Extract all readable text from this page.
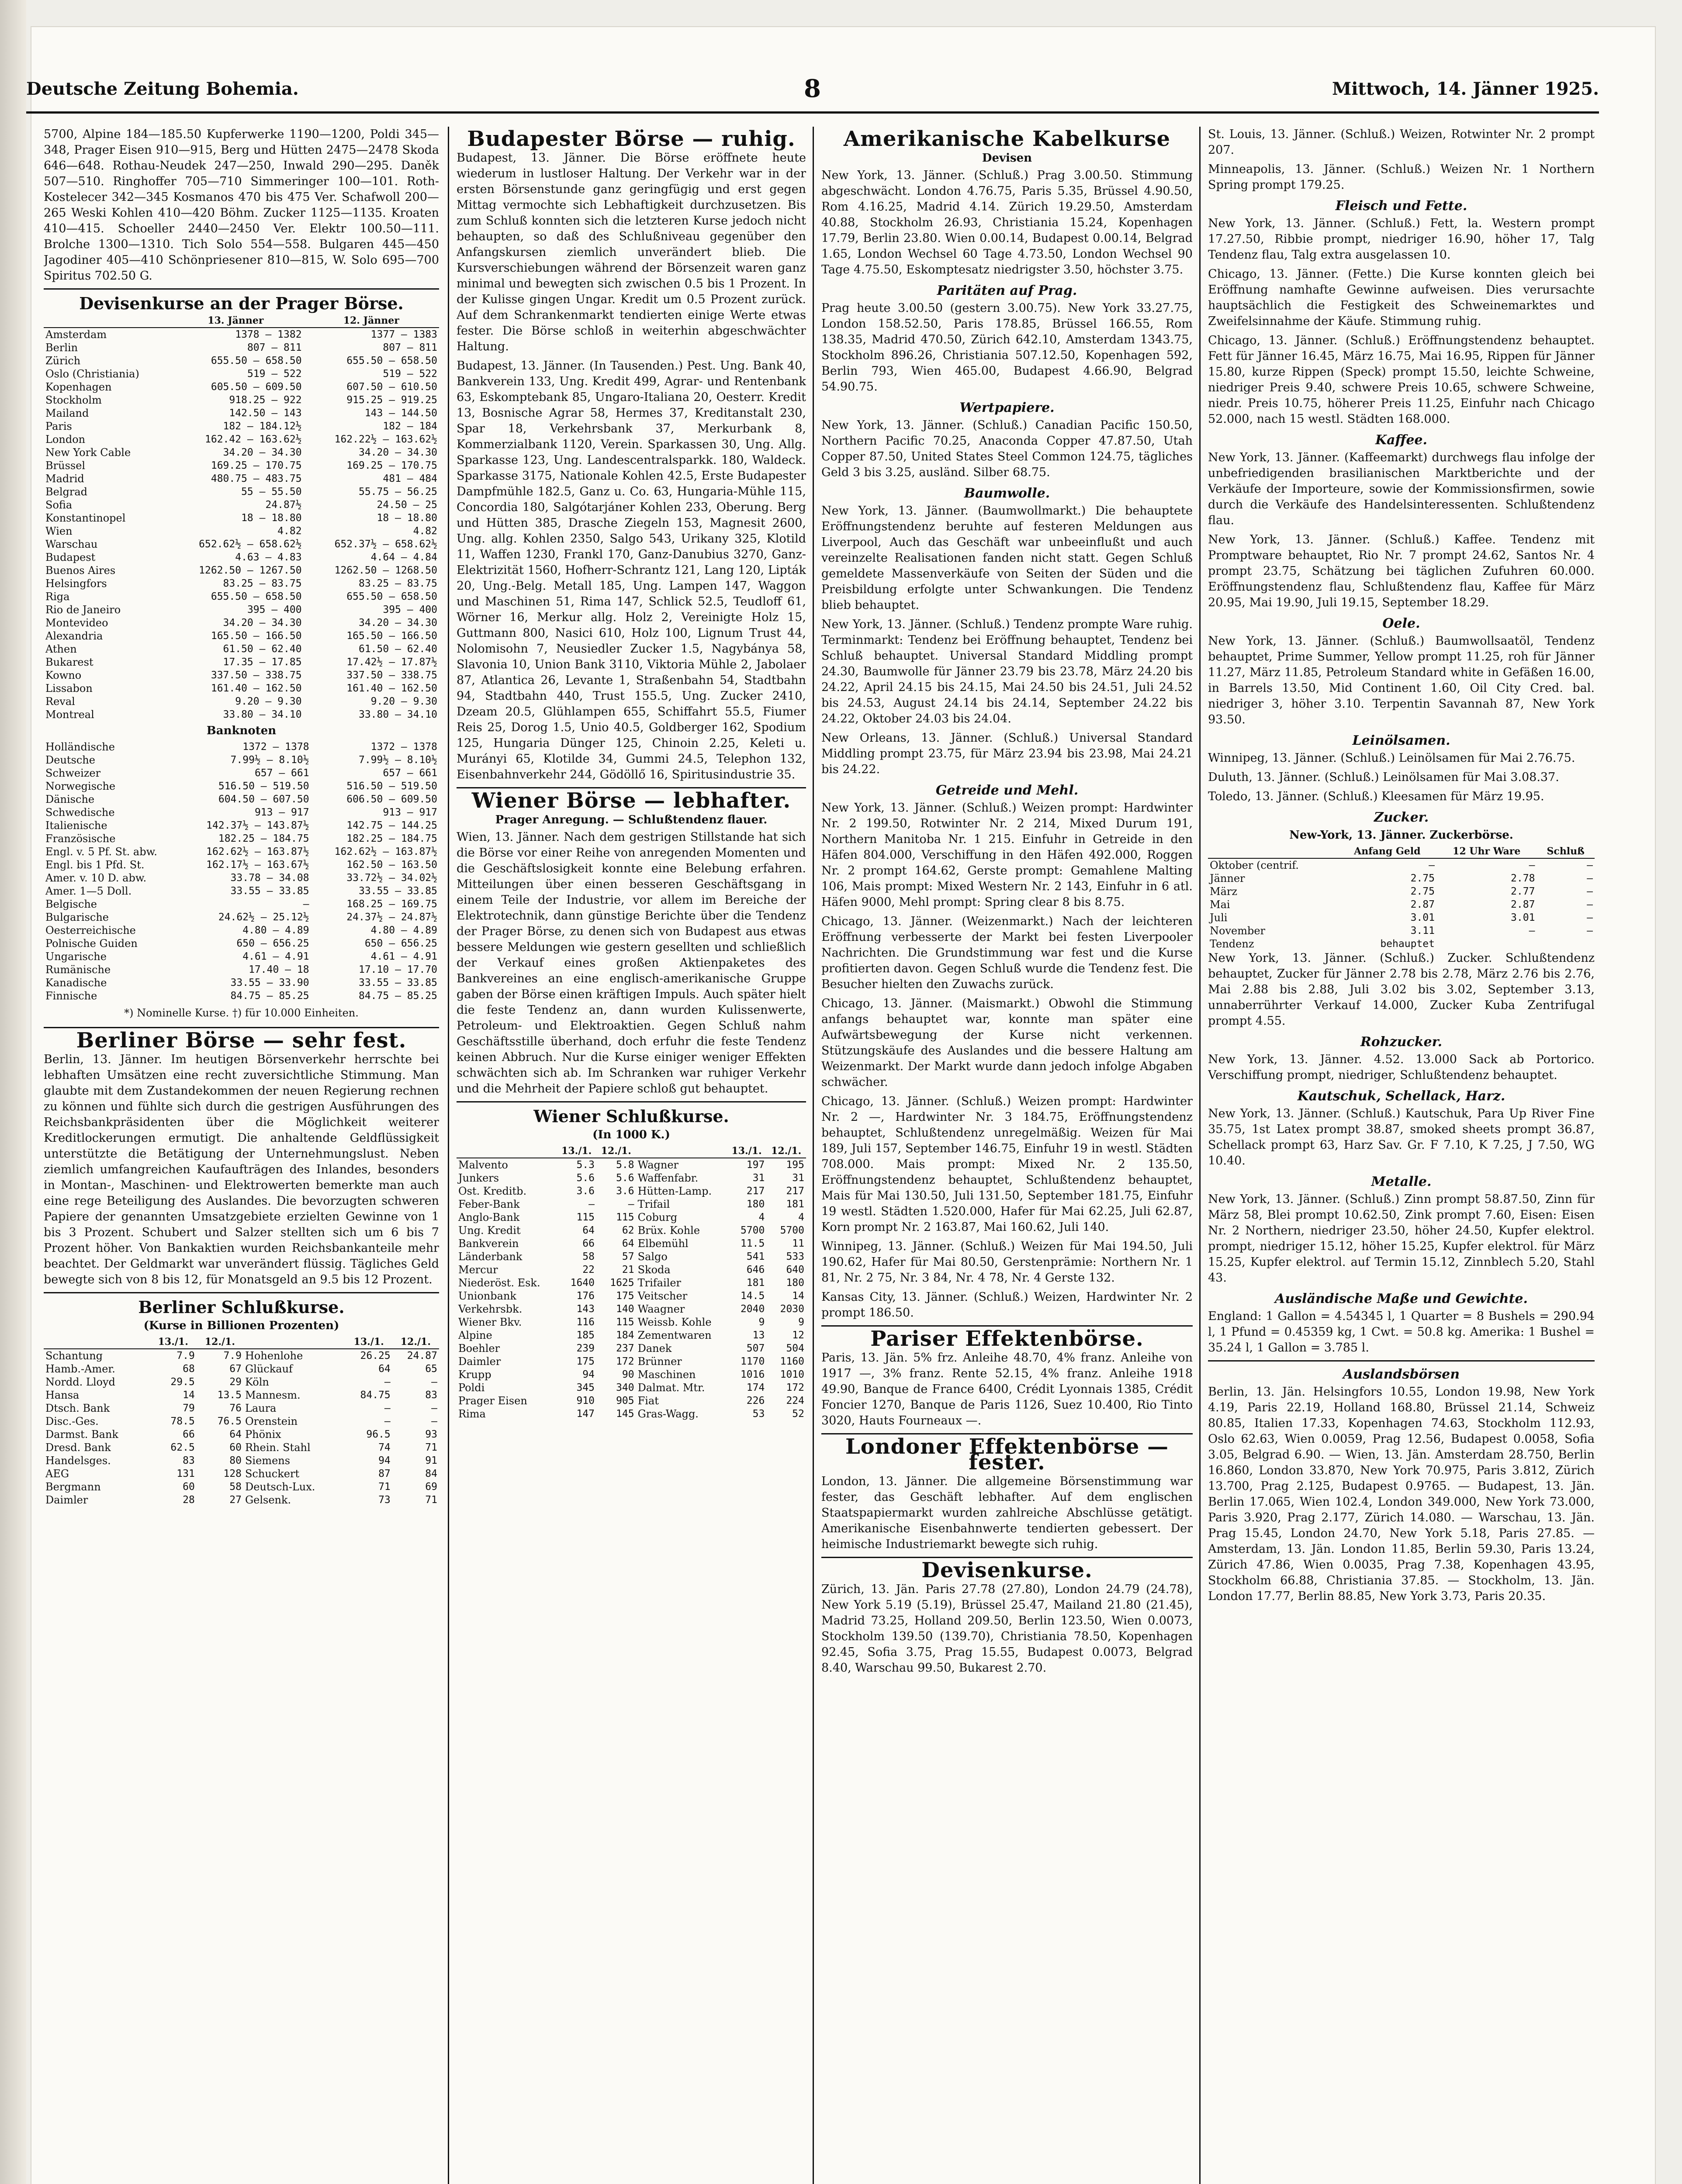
Deutsche Zeitung Bohemia.	8	Mittwoch, 14. Jänner 1925.

5700, Alpine 184—185.50 Kupferwerke 1190—1200, Poldi 345—348, Prager Eisen 910—915, Berg und Hütten 2475—2478 Skoda 646—648. Rothau-Neudek 247—250, Inwald 290—295. Daněk 507—510. Ringhoffer 705—710 Simmeringer 100—101. Roth-Kostelecer 342—345 Kosmanos 470 bis 475 Ver. Schafwoll 200—265 Weski Kohlen 410—420 Böhm. Zucker 1125—1135. Kroaten 410—415. Schoeller 2440—2450 Ver. Elektr 100.50—111. Brolche 1300—1310. Tich Solo 554—558. Bulgaren 445—450 Jagodiner 405—410 Schönpriesener 810—815, W. Solo 695—700 Spiritus 702.50 G.

Devisenkurse an der Prager Börse.
	13. Jänner	12. Jänner
Amsterdam	1378 — 1382	1377 — 1383
Berlin	807 — 811	807 — 811
Zürich	655.50 — 658.50	655.50 — 658.50
Oslo (Christiania)	519 — 522	519 — 522
Kopenhagen	605.50 — 609.50	607.50 — 610.50
Stockholm	918.25 — 922	915.25 — 919.25
Mailand	142.50 — 143	143 — 144.50
Paris	182 — 184.12½	182 — 184
London	162.42 — 163.62½	162.22½ — 163.62½
New York Cable	34.20 — 34.30	34.20 — 34.30
Brüssel	169.25 — 170.75	169.25 — 170.75
Madrid	480.75 — 483.75	481 — 484
Belgrad	55 — 55.50	55.75 — 56.25
Sofia	24.87½	24.50 — 25
Konstantinopel	18 — 18.80	18 — 18.80
Wien	4.82	4.82
Warschau	652.62½ — 658.62½	652.37½ — 658.62½
Budapest	4.63 — 4.83	4.64 — 4.84
Buenos Aires	1262.50 — 1267.50	1262.50 — 1268.50
Helsingfors	83.25 — 83.75	83.25 — 83.75
Riga	655.50 — 658.50	655.50 — 658.50
Rio de Janeiro	395 — 400	395 — 400
Montevideo	34.20 — 34.30	34.20 — 34.30
Alexandria	165.50 — 166.50	165.50 — 166.50
Athen	61.50 — 62.40	61.50 — 62.40
Bukarest	17.35 — 17.85	17.42½ — 17.87½
Kowno	337.50 — 338.75	337.50 — 338.75
Lissabon	161.40 — 162.50	161.40 — 162.50
Reval	9.20 — 9.30	9.20 — 9.30
Montreal	33.80 — 34.10	33.80 — 34.10
Banknoten
Holländische	1372 — 1378	1372 — 1378
Deutsche	7.99½ — 8.10½	7.99½ — 8.10½
Schweizer	657 — 661	657 — 661
Norwegische	516.50 — 519.50	516.50 — 519.50
Dänische	604.50 — 607.50	606.50 — 609.50
Schwedische	913 — 917	913 — 917
Italienische	142.37½ — 143.87½	142.75 — 144.25
Französische	182.25 — 184.75	182.25 — 184.75
Engl. v. 5 Pf. St. abw.	162.62½ — 163.87½	162.62½ — 163.87½
Engl. bis 1 Pfd. St.	162.17½ — 163.67½	162.50 — 163.50
Amer. v. 10 D. abw.	33.78 — 34.08	33.72½ — 34.02½
Amer. 1—5 Doll.	33.55 — 33.85	33.55 — 33.85
Belgische	—	168.25 — 169.75
Bulgarische	24.62½ — 25.12½	24.37½ — 24.87½
Oesterreichische	4.80 — 4.89	4.80 — 4.89
Polnische Guiden	650 — 656.25	650 — 656.25
Ungarische	4.61 — 4.91	4.61 — 4.91
Rumänische	17.40 — 18	17.10 — 17.70
Kanadische	33.55 — 33.90	33.55 — 33.85
Finnische	84.75 — 85.25	84.75 — 85.25
*) Nominelle Kurse. †) für 10.000 Einheiten.
Berliner Börse — sehr fest.

Berlin, 13. Jänner. Im heutigen Börsenverkehr herrschte bei lebhaften Umsätzen eine recht zuversichtliche Stimmung. Man glaubte mit dem Zustandekommen der neuen Regierung rechnen zu können und fühlte sich durch die gestrigen Ausführungen des Reichsbankpräsidenten über die Möglichkeit weiterer Kreditlockerungen ermutigt. Die anhaltende Geldflüssigkeit unterstützte die Betätigung der Unternehmungslust. Neben ziemlich umfangreichen Kaufaufträgen des Inlandes, besonders in Montan-, Maschinen- und Elektrowerten bemerkte man auch eine rege Beteiligung des Auslandes. Die bevorzugten schweren Papiere der genannten Umsatzgebiete erzielten Gewinne von 1 bis 3 Prozent. Schubert und Salzer stellten sich um 6 bis 7 Prozent höher. Von Bankaktien wurden Reichsbankanteile mehr beachtet. Der Geldmarkt war unverändert flüssig. Tägliches Geld bewegte sich von 8 bis 12, für Monatsgeld an 9.5 bis 12 Prozent.

Berliner Schlußkurse.
(Kurse in Billionen Prozenten)
	13./1.	12./1.		13./1.	12./1.
Schantung	7.9	7.9	Hohenlohe	26.25	24.87
Hamb.-Amer.	68	67	Glückauf	64	65
Nordd. Lloyd	29.5	29	Köln	—	—
Hansa	14	13.5	Mannesm.	84.75	83
Dtsch. Bank	79	76	Laura	—	—
Disc.-Ges.	78.5	76.5	Orenstein	—	—
Darmst. Bank	66	64	Phönix	96.5	93
Dresd. Bank	62.5	60	Rhein. Stahl	74	71
Handelsges.	83	80	Siemens	94	91
AEG	131	128	Schuckert	87	84
Bergmann	60	58	Deutsch-Lux.	71	69
Daimler	28	27	Gelsenk.	73	71
Budapester Börse — ruhig.

Budapest, 13. Jänner. Die Börse eröffnete heute wiederum in lustloser Haltung. Der Verkehr war in der ersten Börsenstunde ganz geringfügig und erst gegen Mittag vermochte sich Lebhaftigkeit durchzusetzen. Bis zum Schluß konnten sich die letzteren Kurse jedoch nicht behaupten, so daß des Schlußniveau gegenüber den Anfangskursen ziemlich unverändert blieb. Die Kursverschiebungen während der Börsenzeit waren ganz minimal und bewegten sich zwischen 0.5 bis 1 Prozent. In der Kulisse gingen Ungar. Kredit um 0.5 Prozent zurück. Auf dem Schrankenmarkt tendierten einige Werte etwas fester. Die Börse schloß in weiterhin abgeschwächter Haltung.

Budapest, 13. Jänner. (In Tausenden.) Pest. Ung. Bank 40, Bankverein 133, Ung. Kredit 499, Agrar- und Rentenbank 63, Eskomptebank 85, Ungaro-Italiana 20, Oesterr. Kredit 13, Bosnische Agrar 58, Hermes 37, Kreditanstalt 230, Spar 18, Verkehrsbank 37, Merkurbank 8, Kommerzialbank 1120, Verein. Sparkassen 30, Ung. Allg. Sparkasse 123, Ung. Landescentralsparkk. 180, Waldeck. Sparkasse 3175, Nationale Kohlen 42.5, Erste Budapester Dampfmühle 182.5, Ganz u. Co. 63, Hungaria-Mühle 115, Concordia 180, Salgótarjáner Kohlen 233, Oberung. Berg und Hütten 385, Drasche Ziegeln 153, Magnesit 2600, Ung. allg. Kohlen 2350, Salgo 543, Urikany 325, Klotild 11, Waffen 1230, Frankl 170, Ganz-Danubius 3270, Ganz-Elektrizität 1560, Hofherr-Schrantz 121, Lang 120, Lipták 20, Ung.-Belg. Metall 185, Ung. Lampen 147, Waggon und Maschinen 51, Rima 147, Schlick 52.5, Teudloff 61, Wörner 16, Merkur allg. Holz 2, Vereinigte Holz 15, Guttmann 800, Nasici 610, Holz 100, Lignum Trust 44, Nolomisohn 7, Neusiedler Zucker 1.5, Nagybánya 58, Slavonia 10, Union Bank 3110, Viktoria Mühle 2, Jabolaer 87, Atlantica 26, Levante 1, Straßenbahn 54, Stadtbahn 94, Stadtbahn 440, Trust 155.5, Ung. Zucker 2410, Dzeam 20.5, Glühlampen 655, Schiffahrt 55.5, Fiumer Reis 25, Dorog 1.5, Unio 40.5, Goldberger 162, Spodium 125, Hungaria Dünger 125, Chinoin 2.25, Keleti u. Murányi 65, Klotilde 34, Gummi 24.5, Telephon 132, Eisenbahnverkehr 244, Gödöllő 16, Spiritusindustrie 35.

Wiener Börse — lebhafter.
Prager Anregung. — Schlußtendenz flauer.

Wien, 13. Jänner. Nach dem gestrigen Stillstande hat sich die Börse vor einer Reihe von anregenden Momenten und die Geschäftslosigkeit konnte eine Belebung erfahren. Mitteilungen über einen besseren Geschäftsgang in einem Teile der Industrie, vor allem im Bereiche der Elektrotechnik, dann günstige Berichte über die Tendenz der Prager Börse, zu denen sich von Budapest aus etwas bessere Meldungen wie gestern gesellten und schließlich der Verkauf eines großen Aktienpaketes des Bankvereines an eine englisch-amerikanische Gruppe gaben der Börse einen kräftigen Impuls. Auch später hielt die feste Tendenz an, dann wurden Kulissenwerte, Petroleum- und Elektroaktien. Gegen Schluß nahm Geschäftsstille überhand, doch erfuhr die feste Tendenz keinen Abbruch. Nur die Kurse einiger weniger Effekten schwächten sich ab. Im Schranken war ruhiger Verkehr und die Mehrheit der Papiere schloß gut behauptet.

Wiener Schlußkurse.
(In 1000 K.)
	13./1.	12./1.		13./1.	12./1.
Malvento	5.3	5.8	Wagner	197	195
Junkers	5.6	5.6	Waffenfabr.	31	31
Ost. Kreditb.	3.6	3.6	Hütten-Lamp.	217	217
Feber-Bank	—	—	Trifail	180	181
Anglo-Bank	115	115	Coburg	4	4
Ung. Kredit	64	62	Brüx. Kohle	5700	5700
Bankverein	66	64	Elbemühl	11.5	11
Länderbank	58	57	Salgo	541	533
Mercur	22	21	Skoda	646	640
Niederöst. Esk.	1640	1625	Trifailer	181	180
Unionbank	176	175	Veitscher	14.5	14
Verkehrsbk.	143	140	Waagner	2040	2030
Wiener Bkv.	116	115	Weissb. Kohle	9	9
Alpine	185	184	Zementwaren	13	12
Boehler	239	237	Danek	507	504
Daimler	175	172	Brünner	1170	1160
Krupp	94	90	Maschinen	1016	1010
Poldi	345	340	Dalmat. Mtr.	174	172
Prager Eisen	910	905	Fiat	226	224
Rima	147	145	Gras-Wagg.	53	52
Amerikanische Kabelkurse
Devisen

New York, 13. Jänner. (Schluß.) Prag 3.00.50. Stimmung abgeschwächt. London 4.76.75, Paris 5.35, Brüssel 4.90.50, Rom 4.16.25, Madrid 4.14. Zürich 19.29.50, Amsterdam 40.88, Stockholm 26.93, Christiania 15.24, Kopenhagen 17.79, Berlin 23.80. Wien 0.00.14, Budapest 0.00.14, Belgrad 1.65, London Wechsel 60 Tage 4.73.50, London Wechsel 90 Tage 4.75.50, Eskomptesatz niedrigster 3.50, höchster 3.75.

Paritäten auf Prag.

Prag heute 3.00.50 (gestern 3.00.75). New York 33.27.75, London 158.52.50, Paris 178.85, Brüssel 166.55, Rom 138.35, Madrid 470.50, Zürich 642.10, Amsterdam 1343.75, Stockholm 896.26, Christiania 507.12.50, Kopenhagen 592, Berlin 793, Wien 465.00, Budapest 4.66.90, Belgrad 54.90.75.

Wertpapiere.

New York, 13. Jänner. (Schluß.) Canadian Pacific 150.50, Northern Pacific 70.25, Anaconda Copper 47.87.50, Utah Copper 87.50, United States Steel Common 124.75, tägliches Geld 3 bis 3.25, ausländ. Silber 68.75.

Baumwolle.

New York, 13. Jänner. (Baumwollmarkt.) Die behauptete Eröffnungstendenz beruhte auf festeren Meldungen aus Liverpool, Auch das Geschäft war unbeeinflußt und auch vereinzelte Realisationen fanden nicht statt. Gegen Schluß gemeldete Massenverkäufe von Seiten der Süden und die Preisbildung erfolgte unter Schwankungen. Die Tendenz blieb behauptet.

New York, 13. Jänner. (Schluß.) Tendenz prompte Ware ruhig. Terminmarkt: Tendenz bei Eröffnung behauptet, Tendenz bei Schluß behauptet. Universal Standard Middling prompt 24.30, Baumwolle für Jänner 23.79 bis 23.78, März 24.20 bis 24.22, April 24.15 bis 24.15, Mai 24.50 bis 24.51, Juli 24.52 bis 24.53, August 24.14 bis 24.14, September 24.22 bis 24.22, Oktober 24.03 bis 24.04.

New Orleans, 13. Jänner. (Schluß.) Universal Standard Middling prompt 23.75, für März 23.94 bis 23.98, Mai 24.21 bis 24.22.

Getreide und Mehl.

New York, 13. Jänner. (Schluß.) Weizen prompt: Hardwinter Nr. 2 199.50, Rotwinter Nr. 2 214, Mixed Durum 191, Northern Manitoba Nr. 1 215. Einfuhr in Getreide in den Häfen 804.000, Verschiffung in den Häfen 492.000, Roggen Nr. 2 prompt 164.62, Gerste prompt: Gemahlene Malting 106, Mais prompt: Mixed Western Nr. 2 143, Einfuhr in 6 atl. Häfen 9000, Mehl prompt: Spring clear 8 bis 8.75.

Chicago, 13. Jänner. (Weizenmarkt.) Nach der leichteren Eröffnung verbesserte der Markt bei festen Liverpooler Nachrichten. Die Grundstimmung war fest und die Kurse profitierten davon. Gegen Schluß wurde die Tendenz fest. Die Besucher hielten den Zuwachs zurück.

Chicago, 13. Jänner. (Maismarkt.) Obwohl die Stimmung anfangs behauptet war, konnte man später eine Aufwärtsbewegung der Kurse nicht verkennen. Stützungskäufe des Auslandes und die bessere Haltung am Weizenmarkt. Der Markt wurde dann jedoch infolge Abgaben schwächer.

Chicago, 13. Jänner. (Schluß.) Weizen prompt: Hardwinter Nr. 2 —, Hardwinter Nr. 3 184.75, Eröffnungstendenz behauptet, Schlußtendenz unregelmäßig. Weizen für Mai 189, Juli 157, September 146.75, Einfuhr 19 in westl. Städten 708.000. Mais prompt: Mixed Nr. 2 135.50, Eröffnungstendenz behauptet, Schlußtendenz behauptet, Mais für Mai 130.50, Juli 131.50, September 181.75, Einfuhr 19 westl. Städten 1.520.000, Hafer für Mai 62.25, Juli 62.87, Korn prompt Nr. 2 163.87, Mai 160.62, Juli 140.

Winnipeg, 13. Jänner. (Schluß.) Weizen für Mai 194.50, Juli 190.62, Hafer für Mai 80.50, Gerstenprämie: Northern Nr. 1 81, Nr. 2 75, Nr. 3 84, Nr. 4 78, Nr. 4 Gerste 132.

Kansas City, 13. Jänner. (Schluß.) Weizen, Hardwinter Nr. 2 prompt 186.50.

Pariser Effektenbörse.

Paris, 13. Jän. 5% frz. Anleihe 48.70, 4% franz. Anleihe von 1917 —, 3% franz. Rente 52.15, 4% franz. Anleihe 1918 49.90, Banque de France 6400, Crédit Lyonnais 1385, Crédit Foncier 1270, Banque de Paris 1126, Suez 10.400, Rio Tinto 3020, Hauts Fourneaux —.

Londoner Effektenbörse — fester.

London, 13. Jänner. Die allgemeine Börsenstimmung war fester, das Geschäft lebhafter. Auf dem englischen Staatspapiermarkt wurden zahlreiche Abschlüsse getätigt. Amerikanische Eisenbahnwerte tendierten gebessert. Der heimische Industriemarkt bewegte sich ruhig.

Devisenkurse.

Zürich, 13. Jän. Paris 27.78 (27.80), London 24.79 (24.78), New York 5.19 (5.19), Brüssel 25.47, Mailand 21.80 (21.45), Madrid 73.25, Holland 209.50, Berlin 123.50, Wien 0.0073, Stockholm 139.50 (139.70), Christiania 78.50, Kopenhagen 92.45, Sofia 3.75, Prag 15.55, Budapest 0.0073, Belgrad 8.40, Warschau 99.50, Bukarest 2.70.

St. Louis, 13. Jänner. (Schluß.) Weizen, Rotwinter Nr. 2 prompt 207.

Minneapolis, 13. Jänner. (Schluß.) Weizen Nr. 1 Northern Spring prompt 179.25.

Fleisch und Fette.

New York, 13. Jänner. (Schluß.) Fett, la. Western prompt 17.27.50, Ribbie prompt, niedriger 16.90, höher 17, Talg Tendenz flau, Talg extra ausgelassen 10.

Chicago, 13. Jänner. (Fette.) Die Kurse konnten gleich bei Eröffnung namhafte Gewinne aufweisen. Dies verursachte hauptsächlich die Festigkeit des Schweinemarktes und Zweifelsinnahme der Käufe. Stimmung ruhig.

Chicago, 13. Jänner. (Schluß.) Eröffnungstendenz behauptet. Fett für Jänner 16.45, März 16.75, Mai 16.95, Rippen für Jänner 15.80, kurze Rippen (Speck) prompt 15.50, leichte Schweine, niedriger Preis 9.40, schwere Preis 10.65, schwere Schweine, niedr. Preis 10.75, höherer Preis 11.25, Einfuhr nach Chicago 52.000, nach 15 westl. Städten 168.000.

Kaffee.

New York, 13. Jänner. (Kaffeemarkt) durchwegs flau infolge der unbefriedigenden brasilianischen Marktberichte und der Verkäufe der Importeure, sowie der Kommissionsfirmen, sowie durch die Verkäufe des Handelsinteressenten. Schlußtendenz flau.

New York, 13. Jänner. (Schluß.) Kaffee. Tendenz mit Promptware behauptet, Rio Nr. 7 prompt 24.62, Santos Nr. 4 prompt 23.75, Schätzung bei täglichen Zufuhren 60.000. Eröffnungstendenz flau, Schlußtendenz flau, Kaffee für März 20.95, Mai 19.90, Juli 19.15, September 18.29.

Oele.

New York, 13. Jänner. (Schluß.) Baumwollsaatöl, Tendenz behauptet, Prime Summer, Yellow prompt 11.25, roh für Jänner 11.27, März 11.85, Petroleum Standard white in Gefäßen 16.00, in Barrels 13.50, Mid Continent 1.60, Oil City Cred. bal. niedriger 3, höher 3.10. Terpentin Savannah 87, New York 93.50.

Leinölsamen.

Winnipeg, 13. Jänner. (Schluß.) Leinölsamen für Mai 2.76.75.

Duluth, 13. Jänner. (Schluß.) Leinölsamen für Mai 3.08.37.

Toledo, 13. Jänner. (Schluß.) Kleesamen für März 19.95.

Zucker.
New-York, 13. Jänner. Zuckerbörse.
	Anfang Geld	12 Uhr Ware	Schluß
Oktober (centrif.	—	—	—
Jänner	2.75	2.78	—
März	2.75	2.77	—
Mai	2.87	2.87	—
Juli	3.01	3.01	—
November	3.11	—	—
Tendenz	behauptet		

New York, 13. Jänner. (Schluß.) Zucker. Schlußtendenz behauptet, Zucker für Jänner 2.78 bis 2.78, März 2.76 bis 2.76, Mai 2.88 bis 2.88, Juli 3.02 bis 3.02, September 3.13, unnaberrührter Verkauf 14.000, Zucker Kuba Zentrifugal prompt 4.55.

Rohzucker.

New York, 13. Jänner. 4.52. 13.000 Sack ab Portorico. Verschiffung prompt, niedriger, Schlußtendenz behauptet.

Kautschuk, Schellack, Harz.

New York, 13. Jänner. (Schluß.) Kautschuk, Para Up River Fine 35.75, 1st Latex prompt 38.87, smoked sheets prompt 36.87, Schellack prompt 63, Harz Sav. Gr. F 7.10, K 7.25, J 7.50, WG 10.40.

Metalle.

New York, 13. Jänner. (Schluß.) Zinn prompt 58.87.50, Zinn für März 58, Blei prompt 10.62.50, Zink prompt 7.60, Eisen: Eisen Nr. 2 Northern, niedriger 23.50, höher 24.50, Kupfer elektrol. prompt, niedriger 15.12, höher 15.25, Kupfer elektrol. für März 15.25, Kupfer elektrol. auf Termin 15.12, Zinnblech 5.20, Stahl 43.

Ausländische Maße und Gewichte.

England: 1 Gallon = 4.54345 l, 1 Quarter = 8 Bushels = 290.94 l, 1 Pfund = 0.45359 kg, 1 Cwt. = 50.8 kg. Amerika: 1 Bushel = 35.24 l, 1 Gallon = 3.785 l.

Auslandsbörsen

Berlin, 13. Jän. Helsingfors 10.55, London 19.98, New York 4.19, Paris 22.19, Holland 168.80, Brüssel 21.14, Schweiz 80.85, Italien 17.33, Kopenhagen 74.63, Stockholm 112.93, Oslo 62.63, Wien 0.0059, Prag 12.56, Budapest 0.0058, Sofia 3.05, Belgrad 6.90. — Wien, 13. Jän. Amsterdam 28.750, Berlin 16.860, London 33.870, New York 70.975, Paris 3.812, Zürich 13.700, Prag 2.125, Budapest 0.9765. — Budapest, 13. Jän. Berlin 17.065, Wien 102.4, London 349.000, New York 73.000, Paris 3.920, Prag 2.177, Zürich 14.080. — Warschau, 13. Jän. Prag 15.45, London 24.70, New York 5.18, Paris 27.85. — Amsterdam, 13. Jän. London 11.85, Berlin 59.30, Paris 13.24, Zürich 47.86, Wien 0.0035, Prag 7.38, Kopenhagen 43.95, Stockholm 66.88, Christiania 37.85. — Stockholm, 13. Jän. London 17.77, Berlin 88.85, New York 3.73, Paris 20.35.
